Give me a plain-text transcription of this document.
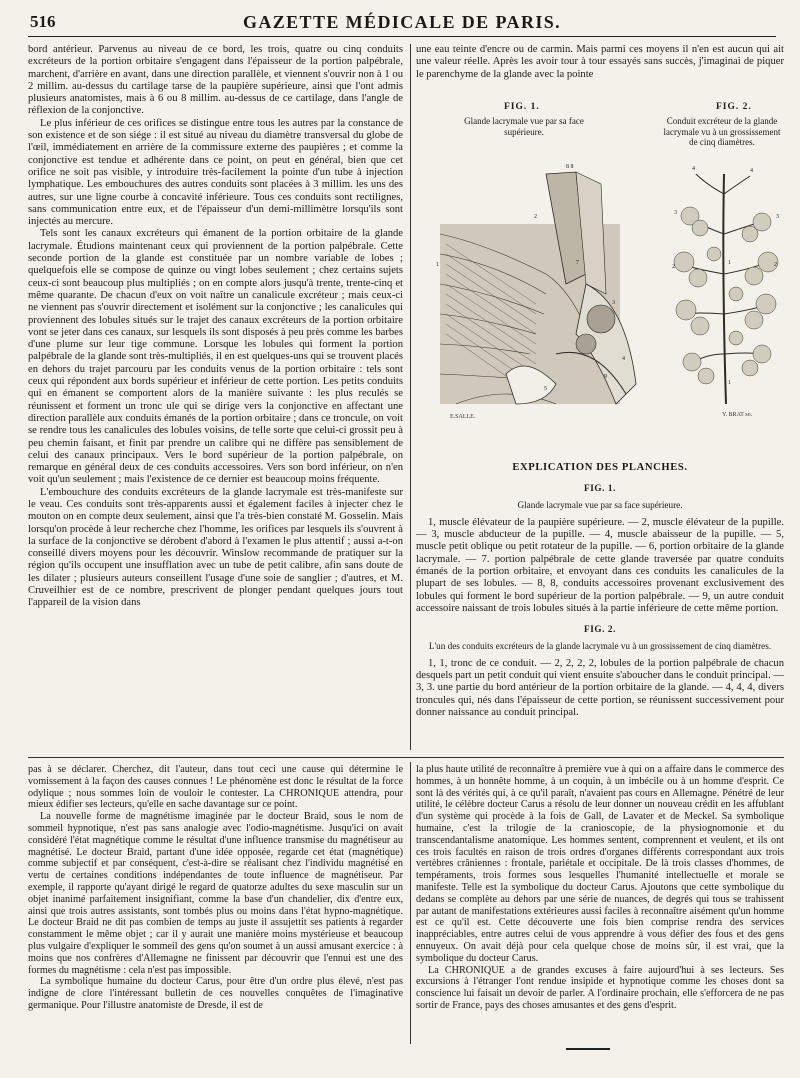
516	GAZETTE MÉDICALE DE PARIS.

bord antérieur. Parvenus au niveau de ce bord, les trois, quatre ou cinq conduits excréteurs de la portion orbitaire s'engagent dans l'épaisseur de la portion palpébrale, marchent, d'arrière en avant, dans une direction parallèle, et viennent s'ouvrir non à 1 ou 2 millim. au-dessus du cartilage tarse de la paupière supérieure, ainsi que l'ont admis plusieurs anatomistes, mais à 6 ou 8 millim. au-dessus de ce cartilage, dans l'angle de réflexion de la conjonctive.

Le plus inférieur de ces orifices se distingue entre tous les autres par la constance de son existence et de son siége : il est situé au niveau du diamètre transversal du globe de l'œil, immédiatement en arrière de la commissure externe des paupières ; et comme la conjonctive est tendue et adhérente dans ce point, on peut en général, bien que cet orifice ne soit pas visible, y introduire très-facilement la pointe d'un tube à injection lymphatique. Les embouchures des autres conduits sont placées à 3 millim. les uns des autres, sur une ligne courbe à concavité inférieure. Tous ces conduits sont rectilignes, sans communication entre eux, et de l'épaisseur d'un demi-millimètre lorsqu'ils sont injectés au mercure.

Tels sont les canaux excréteurs qui émanent de la portion orbitaire de la glande lacrymale. Étudions maintenant ceux qui proviennent de la portion palpébrale. Cette seconde portion de la glande est constituée par un nombre variable de lobes ; quelquefois elle se compose de quinze ou vingt lobes seulement ; chez certains sujets ceux-ci sont beaucoup plus multipliés ; on en compte alors jusqu'à trente, trente-cinq et même quarante. De chacun d'eux on voit naître un canalicule excréteur ; mais ceux-ci ne viennent pas s'ouvrir directement et isolément sur la conjonctive ; les canalicules qui proviennent des lobules situés sur le trajet des canaux excréteurs de la portion orbitaire vont se jeter dans ces canaux, sur lesquels ils sont disposés à peu près comme les barbes d'une plume sur leur tige commune. Lorsque les lobules qui forment la portion palpébrale de la glande sont très-multipliés, il en est quelques-uns qui se trouvent placés en dehors du trajet parcouru par les conduits venus de la portion orbitaire : tels sont ceux qui répondent aux bords supérieur et inférieur de cette portion. Les petits conduits qui en émanent se comportent alors de la manière suivante : les plus reculés se réunissent et forment un tronc ule qui se dirige vers la conjonctive en affectant une direction parallèle aux conduits émanés de la portion orbitaire ; dans ce troncule, on voit se rendre tous les canalicules des lobules voisins, de telle sorte que celui-ci grossit peu à peu chemin faisant, et finit par prendre un calibre qui ne diffère pas sensiblement de celui des canaux principaux. Vers le bord supérieur de la portion palpébrale, on remarque en général deux de ces conduits accessoires. Vers son bord inférieur, on n'en voit qu'un seulement ; mais l'existence de ce dernier est beaucoup moins fréquente.

L'embouchure des conduits excréteurs de la glande lacrymale est très-manifeste sur le veau. Ces conduits sont très-apparents aussi et également faciles à injecter chez le mouton on en compte deux seulement, ainsi que l'a très-bien constaté M. Gosselin. Mais lorsqu'on procède à leur recherche chez l'homme, les orifices par lesquels ils s'ouvrent à la surface de la conjonctive se dérobent d'abord à l'examen le plus attentif ; aussi a-t-on conseillé divers moyens pour les découvrir. Winslow recommande de pratiquer sur la région qu'ils occupent une insufflation avec un tube de petit calibre, afin sans doute de les dilater ; plusieurs auteurs conseillent l'usage d'une soie de sanglier ; d'autres, et M. Cruveilhier est de ce nombre, prescrivent de plonger pendant quelques jours tout l'appareil de la vision dans

une eau teinte d'encre ou de carmin. Mais parmi ces moyens il n'en est aucun qui ait une valeur réelle. Après les avoir tour à tour essayés sans succès, j'imaginai de piquer le parenchyme de la glande avec la pointe

FIG. 1.
Glande lacrymale vue par sa face supérieure.
FIG. 2.
Conduit excréteur de la glande lacrymale vu à un grossissement de cinq diamètres.
E.SALLE.
8 8
7
3
1
5
4
9
2
Y. BRAT so.
4	4
3
3
2
2
1
1
EXPLICATION DES PLANCHES.
FIG. 1.
Glande lacrymale vue par sa face supérieure.

1, muscle élévateur de la paupière supérieure. — 2, muscle élévateur de la pupille. — 3, muscle abducteur de la pupille. — 4, muscle abaisseur de la pupille. — 5, muscle petit oblique ou petit rotateur de la pupille. — 6, portion orbitaire de la glande lacrymale. — 7. portion palpébrale de cette glande traversée par quatre conduits émanés de la portion orbitaire, et envoyant dans ces conduits les canalicules de la plupart de ses lobules. — 8, 8, conduits accessoires provenant exclusivement des lobules qui forment le bord supérieur de la portion palpébrale. — 9, un autre conduit accessoire naissant de trois lobules situés à la partie inférieure de cette même portion.

FIG. 2.
L'un des conduits excréteurs de la glande lacrymale vu à un grossissement de cinq diamètres.

1, 1, tronc de ce conduit. — 2, 2, 2, 2, lobules de la portion palpébrale de chacun desquels part un petit conduit qui vient ensuite s'aboucher dans le conduit principal. — 3, 3. une partie du bord antérieur de la portion orbitaire de la glande. — 4, 4, 4, divers troncules qui, nés dans l'épaisseur de cette portion, se réunissent successivement pour donner naissance au conduit principal.

pas à se déclarer. Cherchez, dit l'auteur, dans tout ceci une cause qui détermine le vomissement à la façon des causes connues ! Le phénomène est donc le résultat de la force odylique ; nous sommes loin de vouloir le contester. La CHRONIQUE attendra, pour mieux édifier ses lecteurs, qu'elle en sache davantage sur ce point.

La nouvelle forme de magnétisme imaginée par le docteur Braid, sous le nom de sommeil hypnotique, n'est pas sans analogie avec l'odio-magnétisme. Jusqu'ici on avait considéré l'état magnétique comme le résultat d'une influence transmise du magnétiseur au magnétisé. Le docteur Braid, partant d'une idée opposée, regarde cet état (magnétique) comme subjectif et par conséquent, c'est-à-dire se réalisant chez l'individu magnétisé en vertu de certaines conditions indépendantes de toute influence de magnétiseur. Par exemple, il rapporte qu'ayant dirigé le regard de quatorze adultes du sexe masculin sur un objet inanimé parfaitement insignifiant, comme la base d'un chandelier, dix d'entre eux, ainsi que trois autres assistants, sont tombés plus ou moins dans l'état hypno-magnétique. Le docteur Braid ne dit pas combien de temps au juste il assujettit ses patients à regarder constamment le même objet ; car il y aurait une manière moins mystérieuse et beaucoup plus vulgaire d'expliquer le sommeil des gens qu'on soumet à un aussi amusant exercice : à moins que nos confrères d'Allemagne ne finissent par découvrir que l'ennui est une des formes du magnétisme : cela n'est pas impossible.

La symbolique humaine du docteur Carus, pour être d'un ordre plus élevé, n'est pas indigne de clore l'intéressant bulletin de ces nouvelles conquêtes de l'imaginative germanique. Pour l'illustre anatomiste de Dresde, il est de

la plus haute utilité de reconnaître à première vue à qui on a affaire dans le commerce des hommes, à un honnête homme, à un coquin, à un imbécile ou à un homme d'esprit. Ce sont là des vérités qui, à ce qu'il paraît, n'avaient pas cours en Allemagne. Pénétré de leur utilité, le célèbre docteur Carus a résolu de leur donner un nouveau crédit en les affublant d'un système qui procède à la fois de Gall, de Lavater et de Meckel. Sa symbolique humaine, c'est la trilogie de la cranioscopie, de la physiognomonie et du transcendantalisme anatomique. Les hommes sentent, comprennent et veulent, et ils ont ces trois facultés en raison de trois ordres d'organes différents correspondant aux trois vertèbres crâniennes : frontale, pariétale et occipitale. De là trois classes d'hommes, de tempéraments, trois formes sous lesquelles l'humanité intellectuelle et morale se manifeste. Telle est la symbolique du docteur Carus. Ajoutons que cette symbolique du dedans se complète au dehors par une série de nuances, de degrés qui tous se trahissent par autant de manifestations extérieures aussi faciles à reconnaître aisément qu'un homme est ce qu'il est. Cette découverte une fois bien comprise rendra des services inappréciables, entre autres celui de vous apprendre à vous défier des fous et des gens ennuyeux. On avait déjà pour cela quelque chose de moins sûr, il est vrai, que la symbolique du docteur Carus.

La CHRONIQUE a de grandes excuses à faire aujourd'hui à ses lecteurs. Ses excursions à l'étranger l'ont rendue insipide et hypnotique comme les choses dont sa conscience lui faisait un devoir de parler. A l'ordinaire prochain, elle s'efforcera de ne pas sortir de France, pays des choses amusantes et des gens d'esprit.
